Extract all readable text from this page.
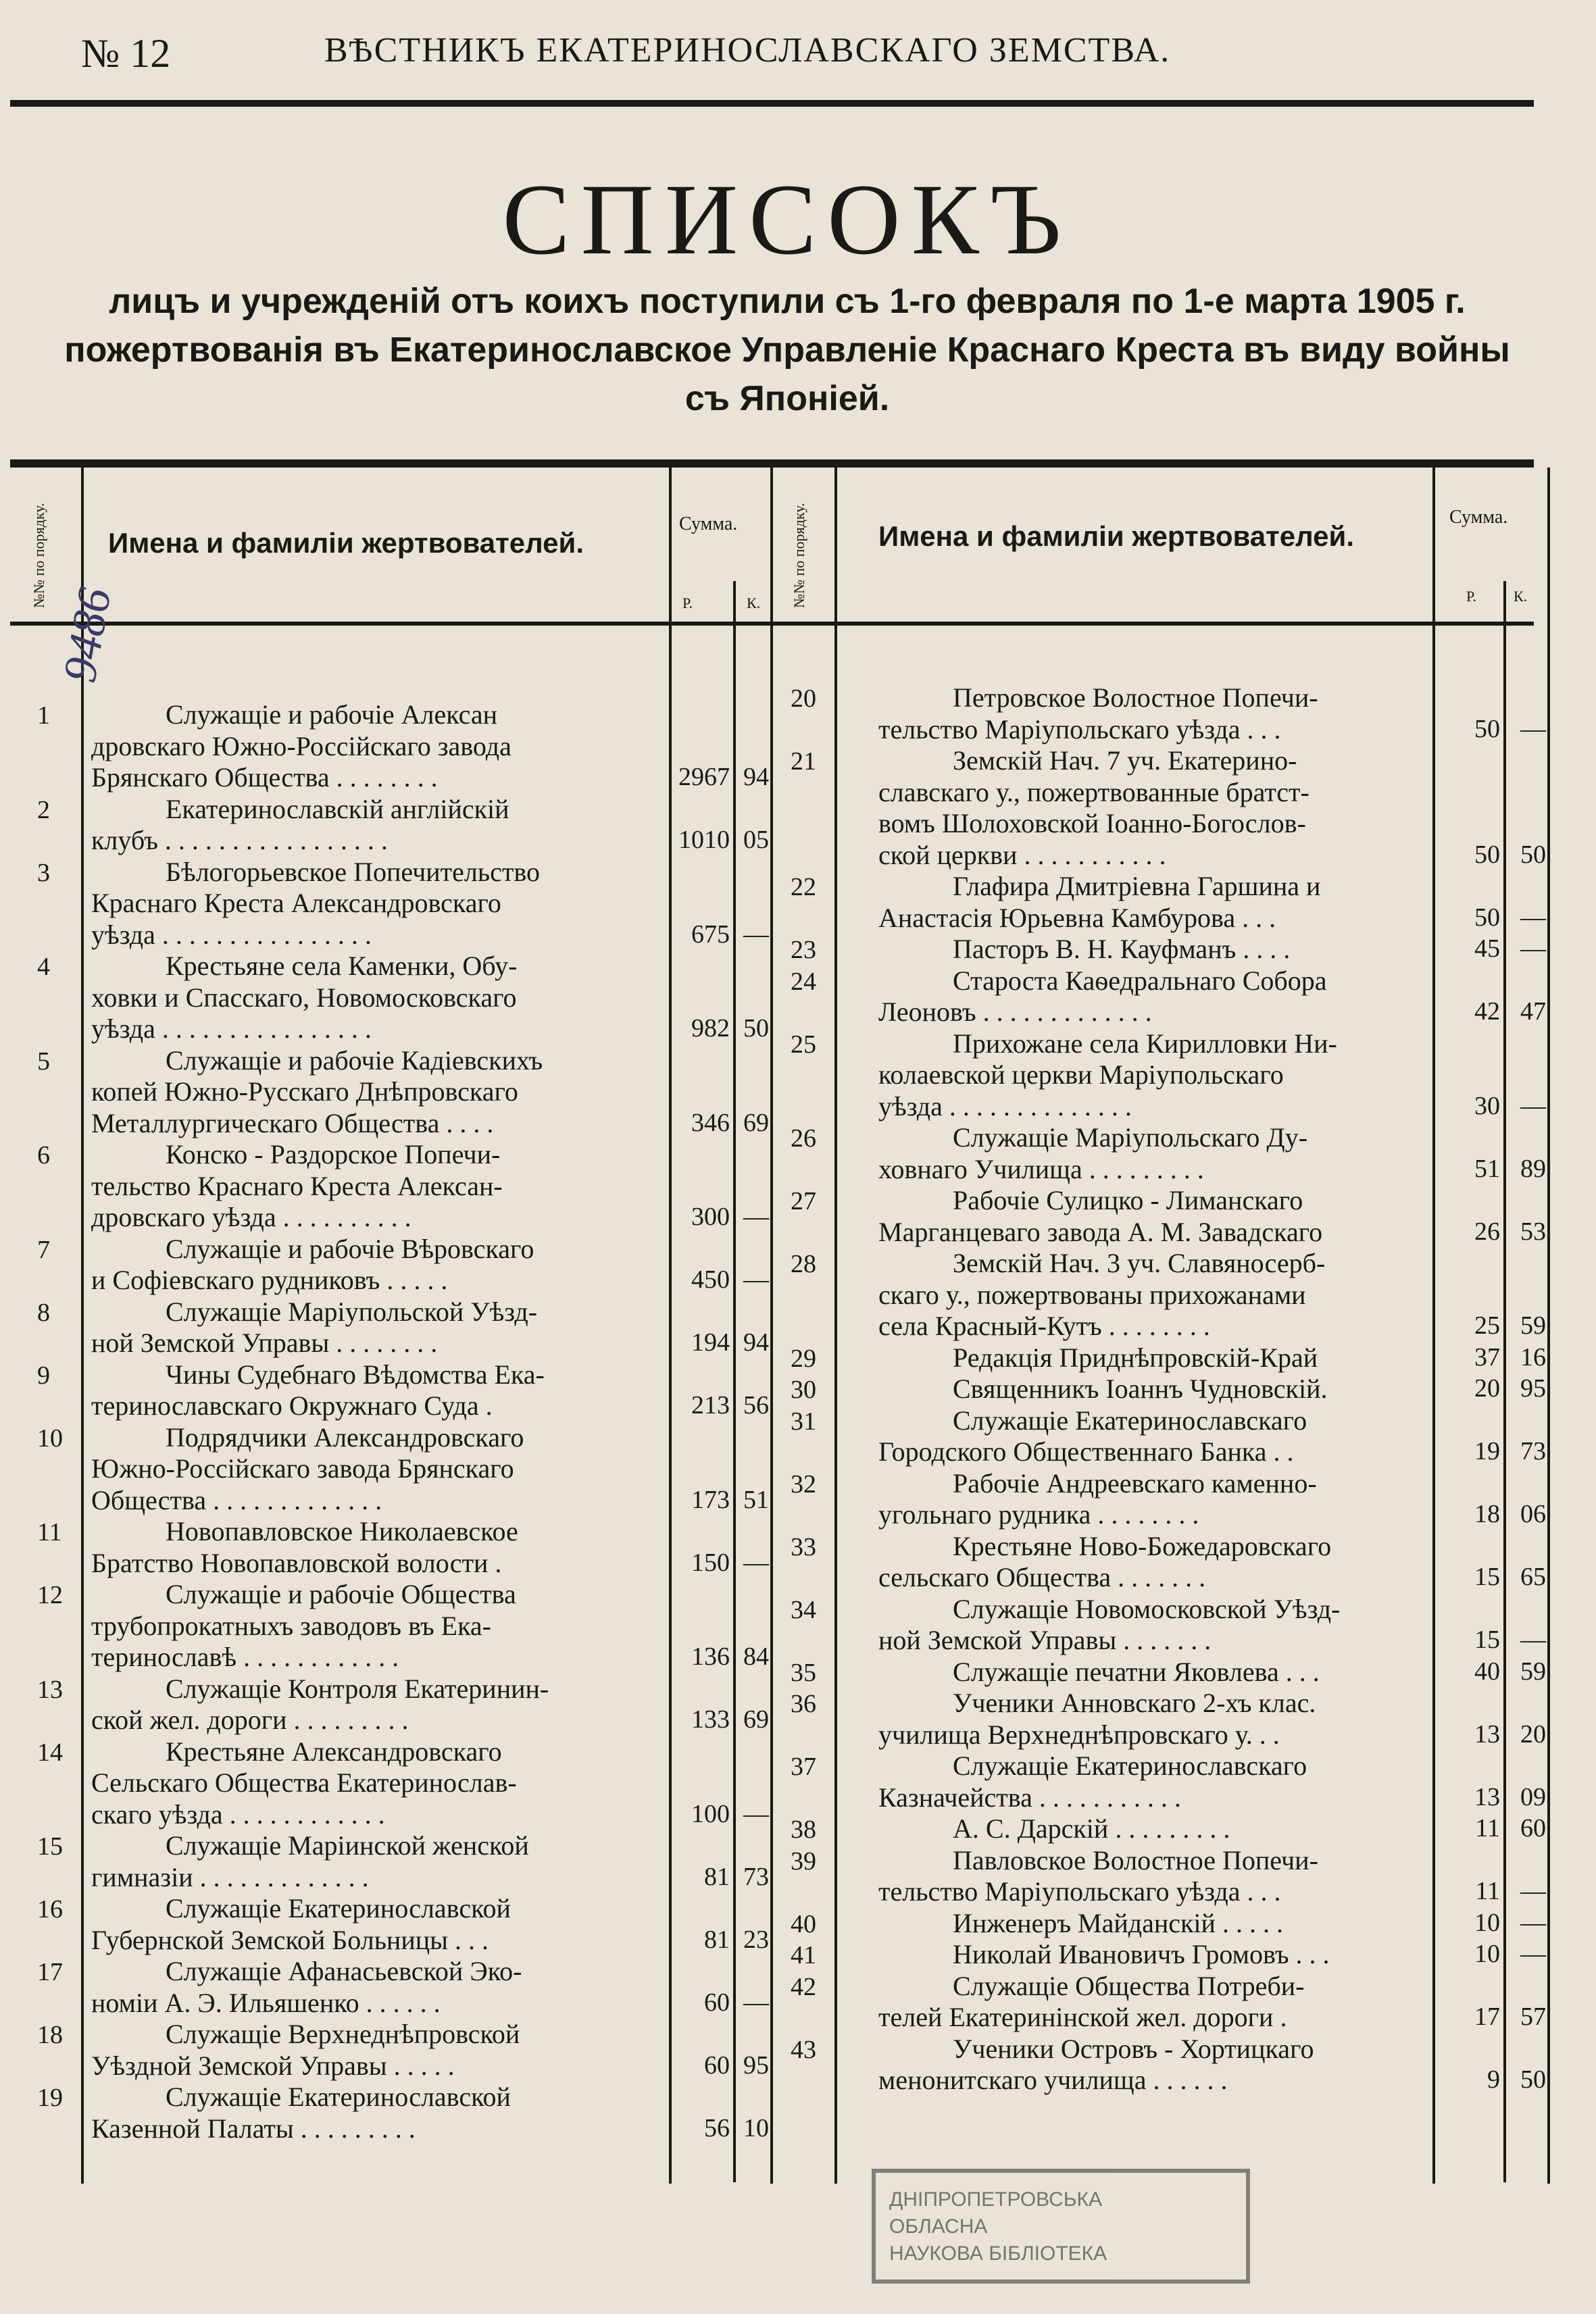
№ 12	ВѢСТНИКЪ ЕКАТЕРИНОСЛАВСКАГО ЗЕМСТВА.
СПИСОКЪ
лицъ и учрежденій отъ коихъ поступили съ 1-го февраля по 1-е марта 1905 г.
пожертвованія въ Екатеринославское Управленіе Краснаго Креста въ виду войны
съ Японіей.
№№ по порядку. Имена и фамиліи жертвователей.
Сумма.
Р.	К. №№ по порядку.	Имена и фамиліи жертвователей.
Сумма.
Р.	К.
9486
1	Служащіе и рабочіе Алексан
дровскаго Южно-Россійскаго завода
Брянскаго Общества . . . . . . . .	2967 94
2	Екатеринославскій англійскій
клубъ . . . . . . . . . . . . . . . . .	1010 05
3	Бѣлогорьевское Попечительство
Краснаго Креста Александровскаго
уѣзда . . . . . . . . . . . . . . . .	675 —
4	Крестьяне села Каменки, Обу-
ховки и Спасскаго, Новомосковскаго
уѣзда . . . . . . . . . . . . . . . .	982 50
5	Служащіе и рабочіе Кадіевскихъ
копей Южно-Русскаго Днѣпровскаго
Металлургическаго Общества . . . .	346 69
6	Конско - Раздорское Попечи-
тельство Краснаго Креста Алексан-
дровскаго уѣзда . . . . . . . . . .	300 —
7	Служащіе и рабочіе Вѣровскаго
и Софіевскаго рудниковъ . . . . .	450 —
8	Служащіе Маріупольской Уѣзд-
ной Земской Управы . . . . . . . .	194 94
9	Чины Судебнаго Вѣдомства Ека-
теринославскаго Окружнаго Суда .	213 56
10	Подрядчики Александровскаго
Южно-Россійскаго завода Брянскаго
Общества . . . . . . . . . . . . .	173 51
11	Новопавловское Николаевское
Братство Новопавловской волости .	150 —
12	Служащіе и рабочіе Общества
трубопрокатныхъ заводовъ въ Ека-
теринославѣ . . . . . . . . . . . .	136 84
13	Служащіе Контроля Екатеринин-
ской жел. дороги . . . . . . . . .	133 69
14	Крестьяне Александровскаго
Сельскаго Общества Екатеринослав-
скаго уѣзда . . . . . . . . . . . .	100 —
15	Служащіе Маріинской женской
гимназіи . . . . . . . . . . . . .	81 73
16	Служащіе Екатеринославской
Губернской Земской Больницы . . .	81 23
17	Служащіе Афанасьевской Эко-
номіи А. Э. Ильяшенко . . . . . .	60 —
18	Служащіе Верхнеднѣпровской
Уѣздной Земской Управы . . . . .	60 95
19	Служащіе Екатеринославской
Казенной Палаты . . . . . . . . .	56 10
20	Петровское Волостное Попечи-
тельство Маріупольскаго уѣзда . . .	50 —
21	Земскій Нач. 7 уч. Екатерино-
славскаго у., пожертвованные братст-
вомъ Шолоховской Іоанно-Богослов-
ской церкви . . . . . . . . . . .	50 50
22	Глафира Дмитріевна Гаршина и
Анастасія Юрьевна Камбурова . . .	50 —
23	Пасторъ В. Н. Кауфманъ . . . .	45 —
24	Староста Каѳедральнаго Собора
Леоновъ . . . . . . . . . . . . .	42 47
25	Прихожане села Кирилловки Ни-
колаевской церкви Маріупольскаго
уѣзда . . . . . . . . . . . . . .	30 —
26	Служащіе Маріупольскаго Ду-
ховнаго Училища . . . . . . . . .	51 89
27	Рабочіе Сулицко - Лиманскаго
Марганцеваго завода А. М. Завадскаго	26 53
28	Земскій Нач. 3 уч. Славяносерб-
скаго у., пожертвованы прихожанами
села Красный-Кутъ . . . . . . . .	25 59
29	Редакція Приднѣпровскій-Край	37 16
30	Священникъ Іоаннъ Чудновскій.	20 95
31	Служащіе Екатеринославскаго
Городского Общественнаго Банка . .	19 73
32	Рабочіе Андреевскаго каменно-
угольнаго рудника . . . . . . . .	18 06
33	Крестьяне Ново-Божедаровскаго
сельскаго Общества . . . . . . .	15 65
34	Служащіе Новомосковской Уѣзд-
ной Земской Управы . . . . . . .	15 —
35	Служащіе печатни Яковлева . . .	40 59
36	Ученики Анновскаго 2-хъ клас.
училища Верхнеднѣпровскаго у. . .	13 20
37	Служащіе Екатеринославскаго
Казначейства . . . . . . . . . . .	13 09
38	А. С. Дарскій . . . . . . . . .	11 60
39	Павловское Волостное Попечи-
тельство Маріупольскаго уѣзда . . .	11 —
40	Инженеръ Майданскій . . . . .	10 —
41	Николай Ивановичъ Громовъ . . .	10 —
42	Служащіе Общества Потреби-
телей Екатеринінской жел. дороги .	17 57
43	Ученики Островъ - Хортицкаго
менонитскаго училища . . . . . .	9 50
ДНІПРОПЕТРОВСЬКА
ОБЛАСНА
НАУКОВА БІБЛІОТЕКА
